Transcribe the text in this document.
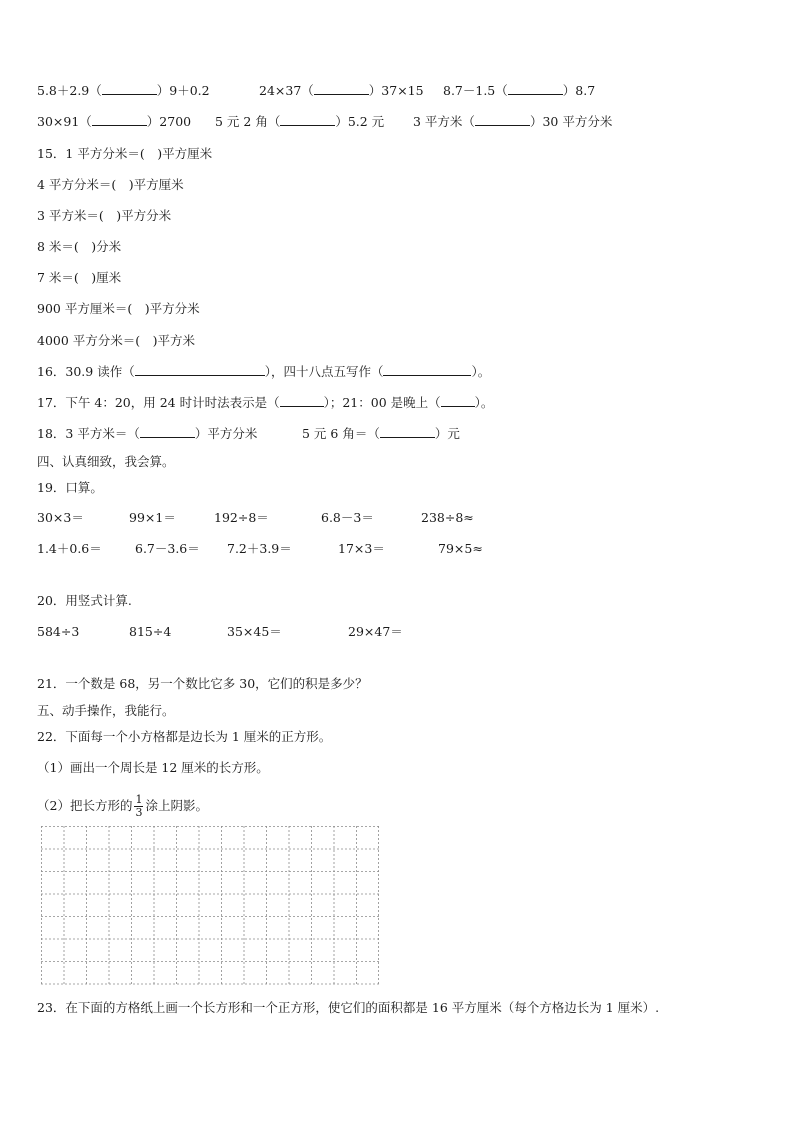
5.8＋2.9（	）9＋0.2	24×37（	）37×15 8.7－1.5（	）8.7
30×91（	）2700 5 元 2 角（	）5.2 元 3 平方米（	）30 平方分米
15．1 平方分米＝(　)平方厘米
4 平方分米＝(　)平方厘米
3 平方米＝(　)平方分米
8 米＝(　)分米
7 米＝(　)厘米
900 平方厘米＝(　)平方分米
4000 平方分米＝(　)平方米
16．30.9 读作（	），四十八点五写作（	）。
17．下午 4：20，用 24 时计时法表示是（	）；21：00 是晚上（	）。
18．3 平方米＝（	）平方分米	5 元 6 角＝（	）元
四、认真细致，我会算。
19．口算。
30×3＝	99×1＝	192÷8＝	6.8－3＝	238÷8≈
1.4＋0.6＝	6.7－3.6＝ 7.2＋3.9＝	17×3＝	79×5≈
20．用竖式计算.
584÷3	815÷4	35×45＝	29×47＝
21．一个数是 68，另一个数比它多 30，它们的积是多少？
五、动手操作，我能行。
22．下面每一个小方格都是边长为 1 厘米的正方形。
（1）画出一个周长是 12 厘米的长方形。
（2）把长方形的 $\frac{1}{3}$ 涂上阴影。
23．在下面的方格纸上画一个长方形和一个正方形，使它们的面积都是 16 平方厘米（每个方格边长为 1 厘米）.
